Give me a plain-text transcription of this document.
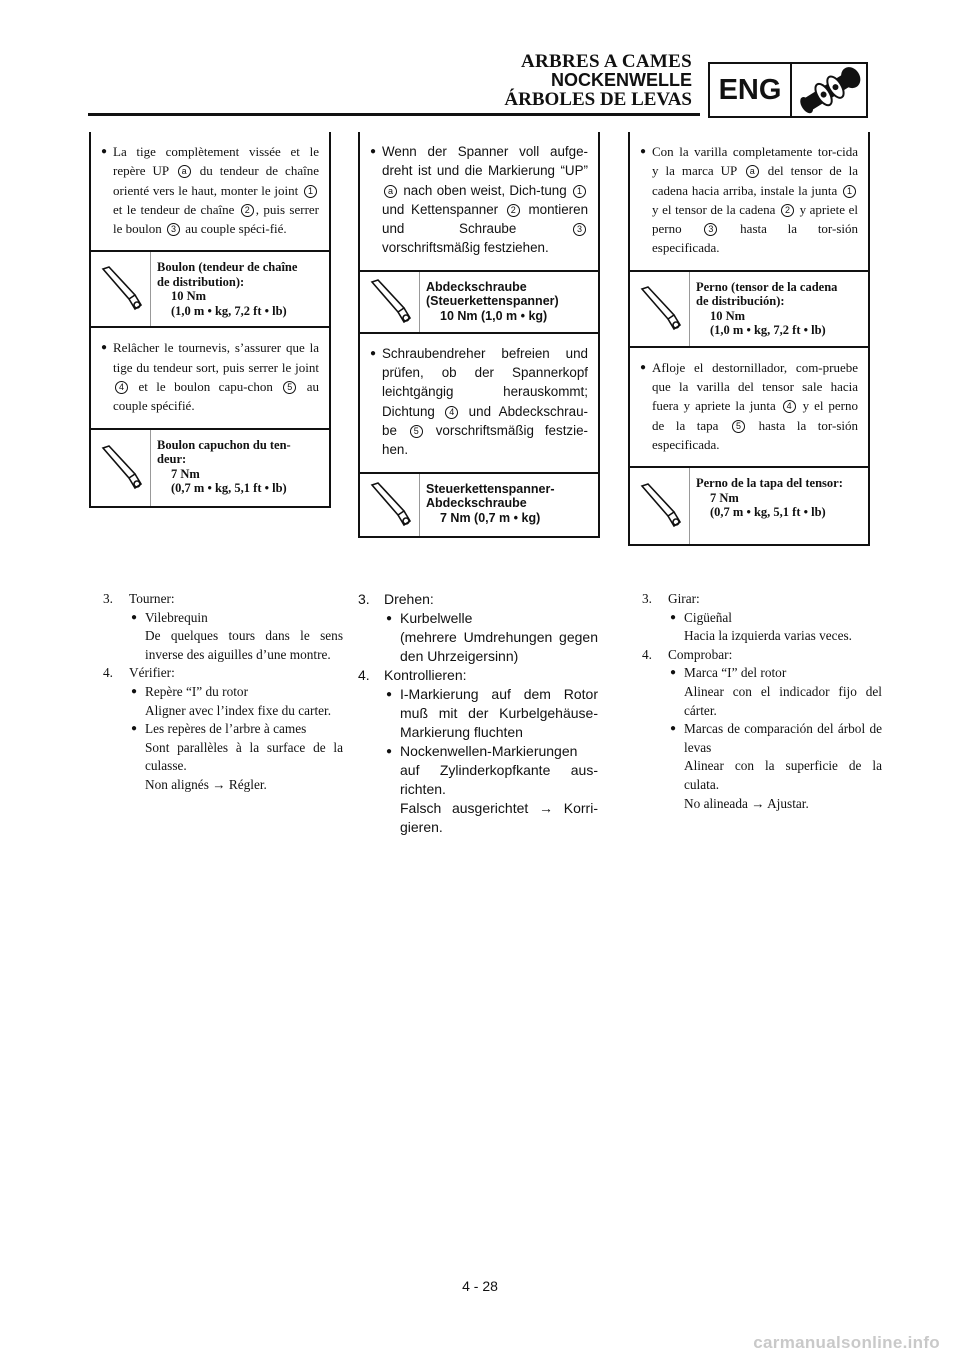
ARBRES A CAMES
NOCKENWELLE
ÁRBOLES DE LEVAS ENG
● La tige complètement vissée et le repère UP a du tendeur de chaîne orienté vers le haut, monter le joint 1 et le tendeur de chaîne 2 , puis serrer le boulon 3 au couple spéci-fié.
Boulon (tendeur de chaîne
de distribution):
10 Nm
(1,0 m • kg, 7,2 ft • lb)
● Relâcher le tournevis, s’assurer que la tige du tendeur sort, puis serrer le joint 4 et le boulon capu-chon 5 au couple spécifié.
Boulon capuchon du ten-
deur:
7 Nm
(0,7 m • kg, 5,1 ft • lb)
● Wenn der Spanner voll aufge-dreht ist und die Markierung “UP” a nach oben weist, Dich-tung 1 und Kettenspanner 2 montieren und Schraube 3 vorschriftsmäßig festziehen.
Abdeckschraube
(Steuerkettenspanner)
10 Nm (1,0 m • kg)
● Schraubendreher befreien und prüfen, ob der Spannerkopf leichtgängig herauskommt; Dichtung 4 und Abdeckschrau-be 5 vorschriftsmäßig festzie-hen.
Steuerkettenspanner-
Abdeckschraube
7 Nm (0,7 m • kg)
● Con la varilla completamente tor-cida y la marca UP a del tensor de la cadena hacia arriba, instale la junta 1 y el tensor de la cadena 2 y apriete el perno 3 hasta la tor-sión especificada.
Perno (tensor de la cadena
de distribución):
10 Nm
(1,0 m • kg, 7,2 ft • lb)
● Afloje el destornillador, com-pruebe que la varilla del tensor sale hacia fuera y apriete la junta 4 y el perno de la tapa 5 hasta la tor-sión especificada.
Perno de la tapa del tensor:
7 Nm
(0,7 m • kg, 5,1 ft • lb)
3. Tourner:
● Vilebrequin
De quelques tours dans le sens inverse des aiguilles d’une montre.
4. Vérifier:
● Repère “I” du rotor
Aligner avec l’index fixe du carter.
● Les repères de l’arbre à cames
Sont parallèles à la surface de la culasse.
Non alignés → Régler.
3. Drehen:
● Kurbelwelle
(mehrere Umdrehungen gegen den Uhrzeigersinn)
4. Kontrollieren:
● I-Markierung auf dem Rotor muß mit der Kurbelgehäuse-Markierung fluchten
● Nockenwellen-Markierungen auf Zylinderkopfkante aus-richten.
Falsch ausgerichtet → Korri-gieren.
3. Girar:
● Cigüeñal
Hacia la izquierda varias veces.
4. Comprobar:
● Marca “I” del rotor
Alinear con el indicador fijo del cárter.
● Marcas de comparación del árbol de levas
Alinear con la superficie de la culata.
No alineada → Ajustar.
4 - 28
carmanualsonline.info
